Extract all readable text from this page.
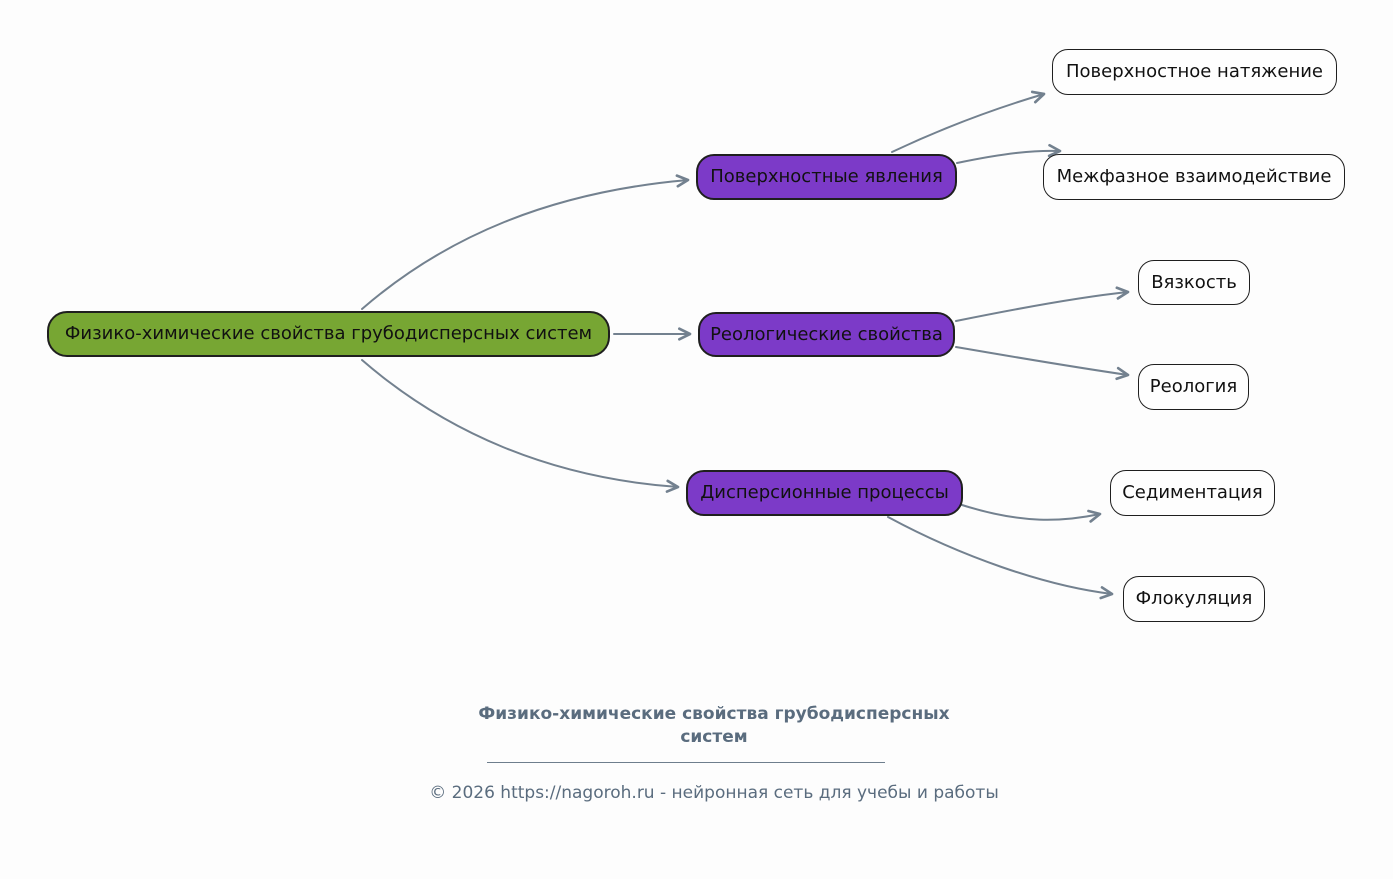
Физико-химические свойства грубодисперсных систем
Поверхностные явления
Реологические свойства
Дисперсионные процессы
Поверхностное натяжение
Межфазное взаимодействие
Вязкость
Реология
Седиментация
Флокуляция
Физико-химические свойства грубодисперсных систем
© 2026 https://nagoroh.ru - нейронная сеть для учебы и работы
